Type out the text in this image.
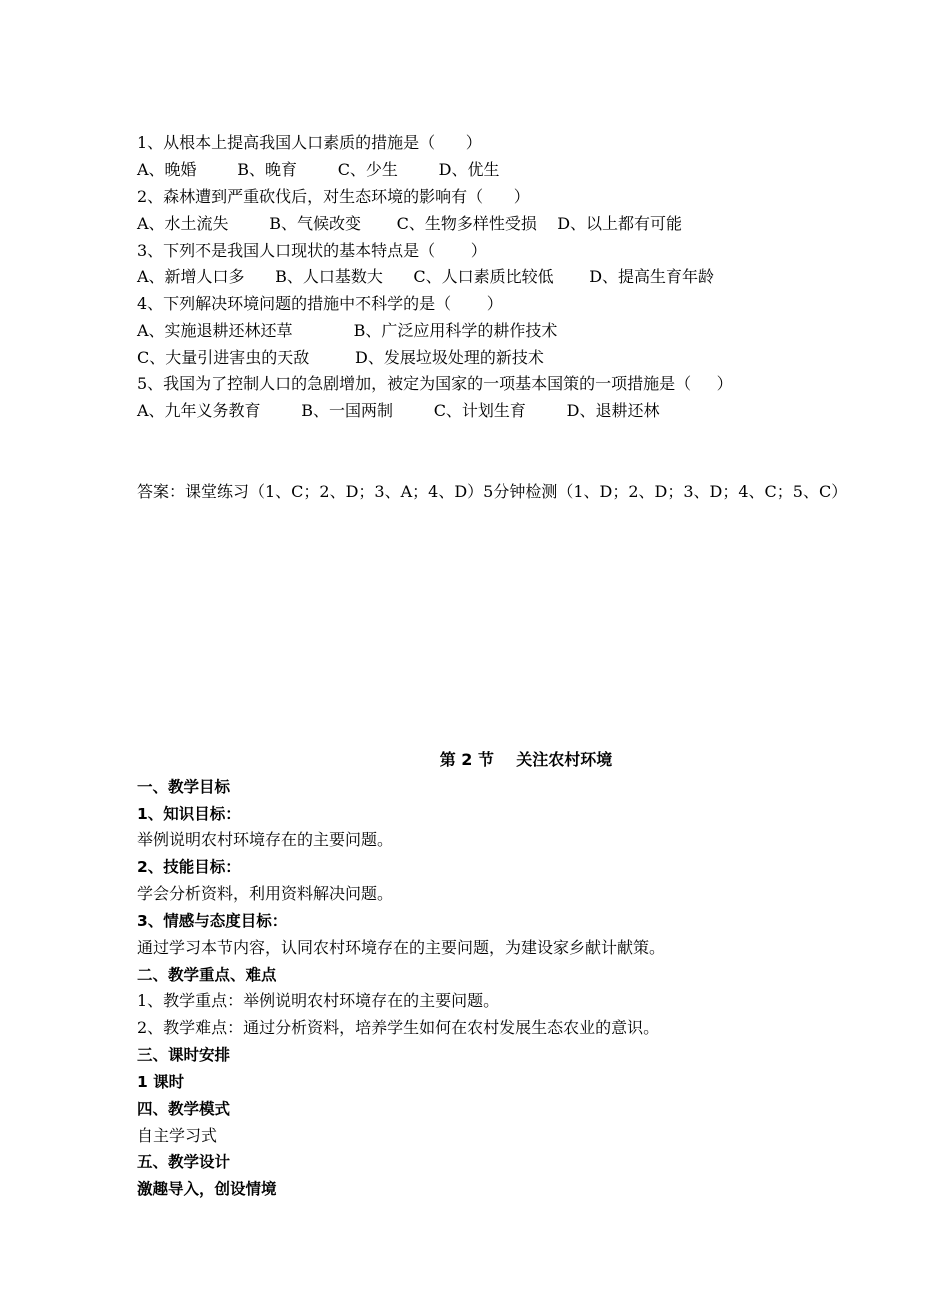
1、从根本上提高我国人口素质的措施是（      ）
A、晚婚        B、晚育        C、少生        D、优生
2、森林遭到严重砍伐后，对生态环境的影响有（      ）
A、水土流失        B、气候改变       C、生物多样性受损    D、以上都有可能
3、下列不是我国人口现状的基本特点是（       ）
A、新增人口多      B、人口基数大      C、人口素质比较低       D、提高生育年龄
4、下列解决环境问题的措施中不科学的是（       ）
A、实施退耕还林还草            B、广泛应用科学的耕作技术
C、大量引进害虫的天敌         D、发展垃圾处理的新技术
5、我国为了控制人口的急剧增加，被定为国家的一项基本国策的一项措施是（     ）
A、九年义务教育        B、一国两制        C、计划生育        D、退耕还林
答案：课堂练习（1、C；2、D；3、A；4、D）5分钟检测（1、D；2、D；3、D；4、C；5、C）
第 2 节    关注农村环境
一、教学目标
1、知识目标：
举例说明农村环境存在的主要问题。
2、技能目标：
学会分析资料，利用资料解决问题。
3、情感与态度目标：
通过学习本节内容，认同农村环境存在的主要问题，为建设家乡献计献策。
二、教学重点、难点
1、教学重点：举例说明农村环境存在的主要问题。
2、教学难点：通过分析资料，培养学生如何在农村发展生态农业的意识。
三、课时安排
1 课时
四、教学模式
自主学习式
五、教学设计
激趣导入，创设情境
